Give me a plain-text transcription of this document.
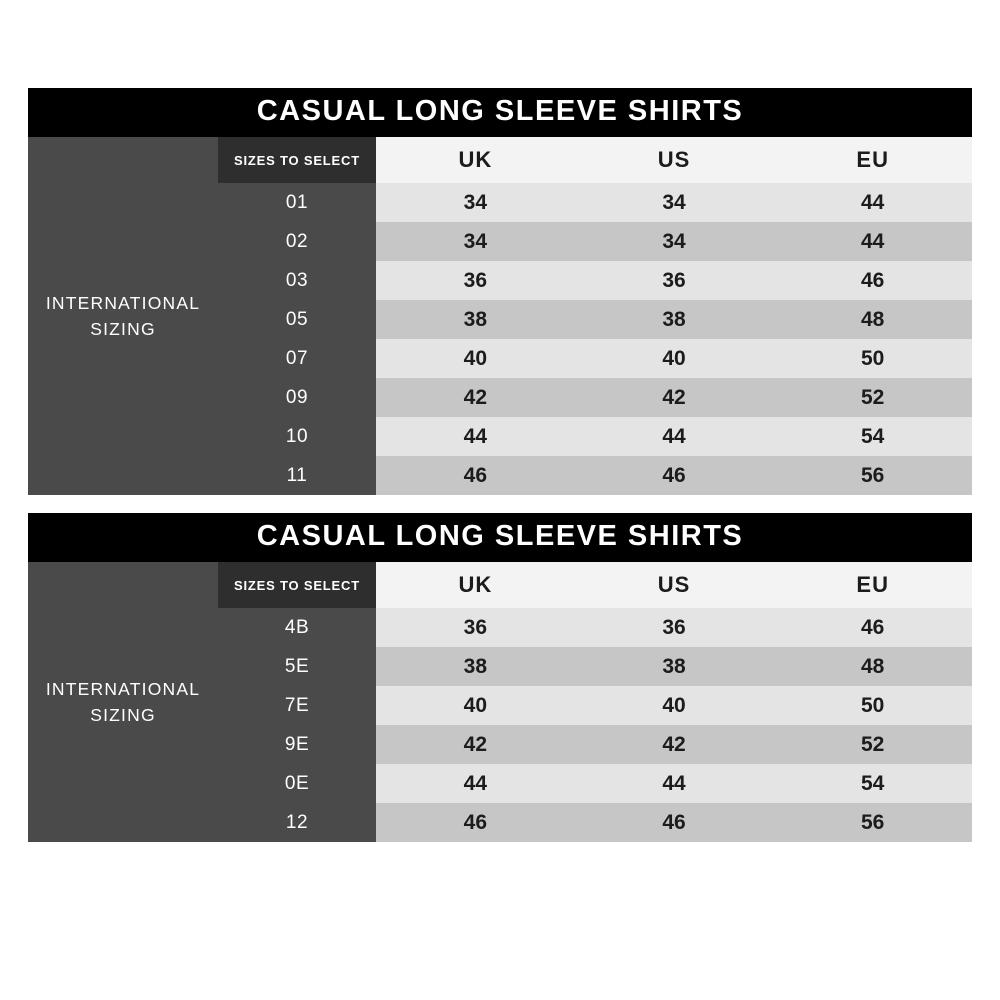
CASUAL LONG SLEEVE SHIRTS
INTERNATIONAL SIZING
SIZES TO SELECT	UK	US	EU
01	34	34	44
02	34	34	44
03	36	36	46
05	38	38	48
07	40	40	50
09	42	42	52
10	44	44	54
11	46	46	56
CASUAL LONG SLEEVE SHIRTS
INTERNATIONAL SIZING
SIZES TO SELECT	UK	US	EU
4B	36	36	46
5E	38	38	48
7E	40	40	50
9E	42	42	52
0E	44	44	54
12	46	46	56
